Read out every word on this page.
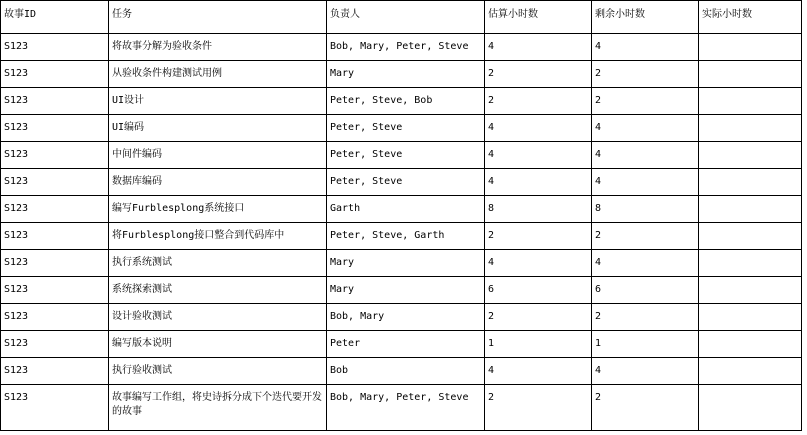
故事ID	任务	负责人	估算小时数	剩余小时数	实际小时数
S123	将故事分解为验收条件	Bob, Mary, Peter, Steve	4	4	
S123	从验收条件构建测试用例	Mary	2	2	
S123	UI设计	Peter, Steve, Bob	2	2	
S123	UI编码	Peter, Steve	4	4	
S123	中间件编码	Peter, Steve	4	4	
S123	数据库编码	Peter, Steve	4	4	
S123	编写Furblesplong系统接口	Garth	8	8	
S123	将Furblesplong接口整合到代码库中	Peter, Steve, Garth	2	2	
S123	执行系统测试	Mary	4	4	
S123	系统探索测试	Mary	6	6	
S123	设计验收测试	Bob, Mary	2	2	
S123	编写版本说明	Peter	1	1	
S123	执行验收测试	Bob	4	4	
S123	故事编写工作组，将史诗拆分成下个迭代要开发的故事	Bob, Mary, Peter, Steve	2	2	
